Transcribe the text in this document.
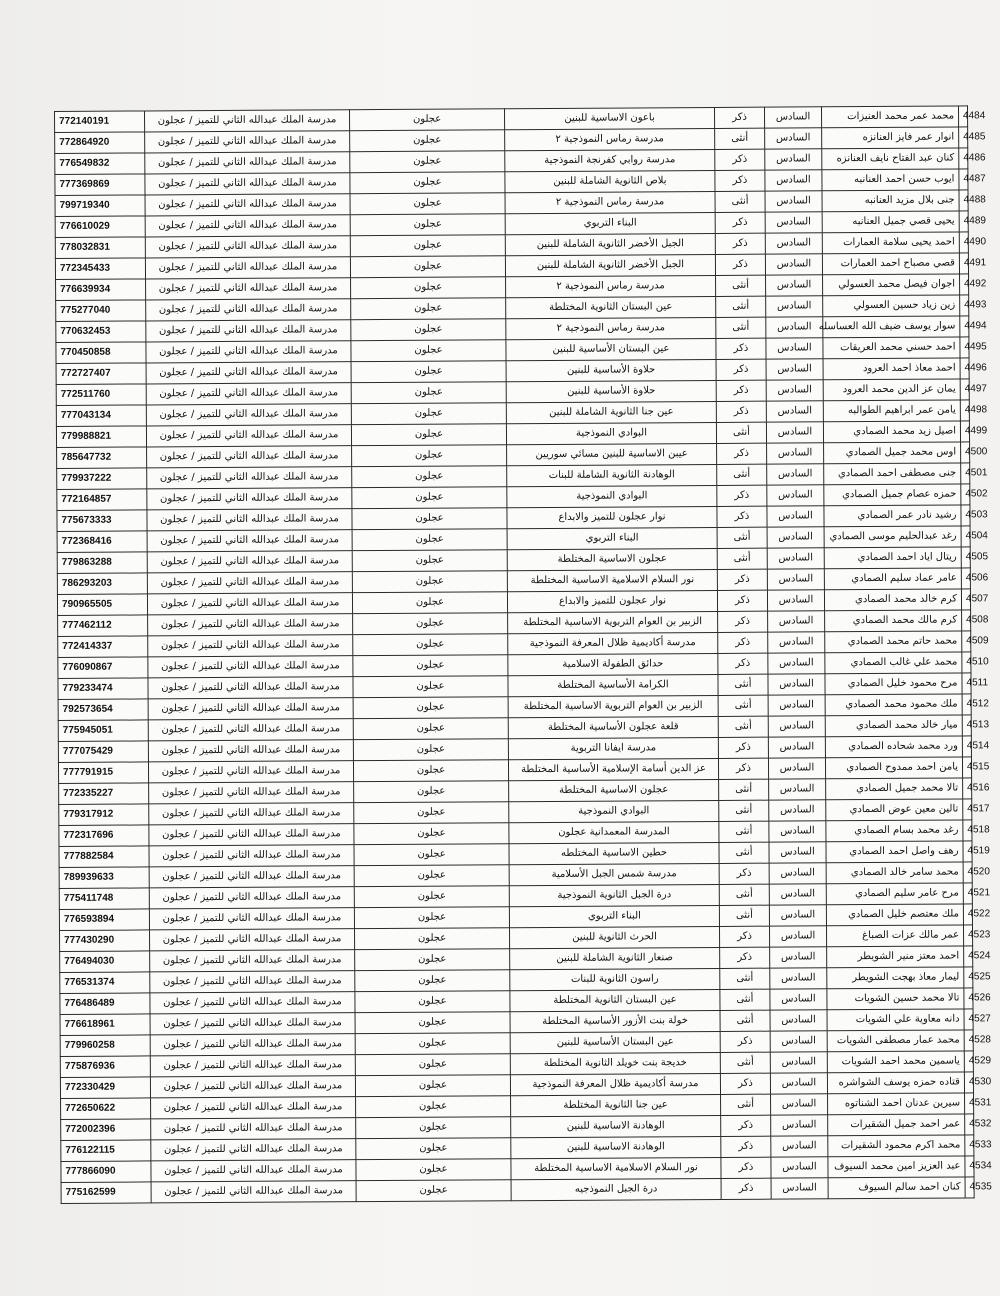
772140191	مدرسة الملك عبدالله الثاني للتميز / عجلون	عجلون	باعون الاساسية للبنين	ذكر	السادس	محمد عمر محمد العنيزات	4484
772864920	مدرسة الملك عبدالله الثاني للتميز / عجلون	عجلون	مدرسة رماس النموذجية ٢	أنثى	السادس	انوار عمر فايز العنانزه	4485
776549832	مدرسة الملك عبدالله الثاني للتميز / عجلون	عجلون	مدرسة روابي كفرنجة النموذجية	ذكر	السادس	كنان عبد الفتاح نايف العنانزه	4486
777369869	مدرسة الملك عبدالله الثاني للتميز / عجلون	عجلون	بلاص الثانوية الشاملة للبنين	ذكر	السادس	ايوب حسن احمد العنانبه	4487
799719340	مدرسة الملك عبدالله الثاني للتميز / عجلون	عجلون	مدرسة رماس النموذجية ٢	أنثى	السادس	جنى بلال مزيد العنانبه	4488
776610029	مدرسة الملك عبدالله الثاني للتميز / عجلون	عجلون	البناء التربوي	ذكر	السادس	يحيى قصي جميل العنانبه	4489
778032831	مدرسة الملك عبدالله الثاني للتميز / عجلون	عجلون	الجبل الأخضر الثانوية الشاملة للبنين	ذكر	السادس	احمد يحيى سلامة العمارات	4490
772345433	مدرسة الملك عبدالله الثاني للتميز / عجلون	عجلون	الجبل الأخضر الثانوية الشاملة للبنين	ذكر	السادس	قصي مصباح احمد العمارات	4491
776639934	مدرسة الملك عبدالله الثاني للتميز / عجلون	عجلون	مدرسة رماس النموذجية ٢	أنثى	السادس	اجوان فيصل محمد العسولي	4492
775277040	مدرسة الملك عبدالله الثاني للتميز / عجلون	عجلون	عين البستان الثانوية المختلطة	أنثى	السادس	زين زياد حسين العسولي	4493
770632453	مدرسة الملك عبدالله الثاني للتميز / عجلون	عجلون	مدرسة رماس النموذجية ٢	أنثى	السادس	سوار يوسف ضيف الله العساسله	4494
770450858	مدرسة الملك عبدالله الثاني للتميز / عجلون	عجلون	عين البستان الأساسية للبنين	ذكر	السادس	احمد حسني محمد العريقات	4495
772727407	مدرسة الملك عبدالله الثاني للتميز / عجلون	عجلون	حلاوة الأساسية للبنين	ذكر	السادس	احمد معاذ احمد العرود	4496
772511760	مدرسة الملك عبدالله الثاني للتميز / عجلون	عجلون	حلاوة الأساسية للبنين	ذكر	السادس	يمان عز الدين محمد العرود	4497
777043134	مدرسة الملك عبدالله الثاني للتميز / عجلون	عجلون	عين جنا الثانوية الشاملة للبنين	ذكر	السادس	يامن عمر ابراهيم الطوالبه	4498
779988821	مدرسة الملك عبدالله الثاني للتميز / عجلون	عجلون	البوادي النموذجية	أنثى	السادس	اصيل زيد محمد الصمادي	4499
785647732	مدرسة الملك عبدالله الثاني للتميز / عجلون	عجلون	عيبن الاساسية للبنين مسائي سوريين	ذكر	السادس	اوس محمد جميل الصمادي	4500
779937222	مدرسة الملك عبدالله الثاني للتميز / عجلون	عجلون	الوهادنة الثانوية الشاملة للبنات	أنثى	السادس	جنى مصطفى احمد الصمادي	4501
772164857	مدرسة الملك عبدالله الثاني للتميز / عجلون	عجلون	البوادي النموذجية	ذكر	السادس	حمزه عصام جميل الصمادي	4502
775673333	مدرسة الملك عبدالله الثاني للتميز / عجلون	عجلون	نوار عجلون للتميز والابداع	ذكر	السادس	رشيد نادر عمر الصمادي	4503
772368416	مدرسة الملك عبدالله الثاني للتميز / عجلون	عجلون	البناء التربوي	أنثى	السادس	رغد عبدالحليم موسى الصمادي	4504
779863288	مدرسة الملك عبدالله الثاني للتميز / عجلون	عجلون	عجلون الاساسية المختلطة	أنثى	السادس	ريتال اياد احمد الصمادي	4505
786293203	مدرسة الملك عبدالله الثاني للتميز / عجلون	عجلون	نور السلام الاسلامية الاساسية المختلطة	ذكر	السادس	عامر عماد سليم الصمادي	4506
790965505	مدرسة الملك عبدالله الثاني للتميز / عجلون	عجلون	نوار عجلون للتميز والابداع	ذكر	السادس	كرم خالد محمد الصمادي	4507
777462112	مدرسة الملك عبدالله الثاني للتميز / عجلون	عجلون	الزبير بن العوام التربوية الاساسية المختلطة	ذكر	السادس	كرم مالك محمد الصمادي	4508
772414337	مدرسة الملك عبدالله الثاني للتميز / عجلون	عجلون	مدرسة أكاديمية ظلال المعرفة النموذجية	ذكر	السادس	محمد حاتم محمد الصمادي	4509
776090867	مدرسة الملك عبدالله الثاني للتميز / عجلون	عجلون	حدائق الطفولة الاسلامية	ذكر	السادس	محمد علي غالب الصمادي	4510
779233474	مدرسة الملك عبدالله الثاني للتميز / عجلون	عجلون	الكرامة الأساسية المختلطة	أنثى	السادس	مرح محمود خليل الصمادي	4511
792573654	مدرسة الملك عبدالله الثاني للتميز / عجلون	عجلون	الزبير بن العوام التربوية الاساسية المختلطة	أنثى	السادس	ملك محمود محمد الصمادي	4512
775945051	مدرسة الملك عبدالله الثاني للتميز / عجلون	عجلون	قلعة عجلون الأساسية المختلطة	أنثى	السادس	ميار خالد محمد الصمادي	4513
777075429	مدرسة الملك عبدالله الثاني للتميز / عجلون	عجلون	مدرسة ايفانا التربوية	ذكر	السادس	ورد محمد شحاده الصمادي	4514
777791915	مدرسة الملك عبدالله الثاني للتميز / عجلون	عجلون	عز الدين أسامة الإسلامية الأساسية المختلطة	ذكر	السادس	يامن احمد ممدوح الصمادي	4515
772335227	مدرسة الملك عبدالله الثاني للتميز / عجلون	عجلون	عجلون الاساسية المختلطة	أنثى	السادس	تالا محمد جميل الصمادي	4516
779317912	مدرسة الملك عبدالله الثاني للتميز / عجلون	عجلون	البوادي النموذجية	أنثى	السادس	تالين معين عوض الصمادي	4517
772317696	مدرسة الملك عبدالله الثاني للتميز / عجلون	عجلون	المدرسة المعمدانية عجلون	أنثى	السادس	رغد محمد بسام الصمادي	4518
777882584	مدرسة الملك عبدالله الثاني للتميز / عجلون	عجلون	حطين الاساسية المختلطه	أنثى	السادس	رهف واصل احمد الصمادي	4519
789939633	مدرسة الملك عبدالله الثاني للتميز / عجلون	عجلون	مدرسة شمس الجبل الأسلامية	ذكر	السادس	محمد سامر خالد الصمادي	4520
775411748	مدرسة الملك عبدالله الثاني للتميز / عجلون	عجلون	درة الجبل الثانوية النموذجية	أنثى	السادس	مرح عامر سليم الصمادي	4521
776593894	مدرسة الملك عبدالله الثاني للتميز / عجلون	عجلون	البناء التربوي	أنثى	السادس	ملك معتصم خليل الصمادي	4522
777430290	مدرسة الملك عبدالله الثاني للتميز / عجلون	عجلون	الحرث الثانوية للبنين	ذكر	السادس	عمر مالك عزات الصباغ	4523
776494030	مدرسة الملك عبدالله الثاني للتميز / عجلون	عجلون	صنعار الثانوية الشاملة للبنين	ذكر	السادس	احمد معتز منير الشويطر	4524
776531374	مدرسة الملك عبدالله الثاني للتميز / عجلون	عجلون	راسون الثانوية للبنات	أنثى	السادس	ليمار معاذ بهجت الشويطر	4525
776486489	مدرسة الملك عبدالله الثاني للتميز / عجلون	عجلون	عين البستان الثانوية المختلطة	أنثى	السادس	تالا محمد حسين الشويات	4526
776618961	مدرسة الملك عبدالله الثاني للتميز / عجلون	عجلون	خولة بنت الأزور الأساسية المختلطة	أنثى	السادس	دانه معاوية علي الشويات	4527
779960258	مدرسة الملك عبدالله الثاني للتميز / عجلون	عجلون	عين البستان الأساسية للبنين	ذكر	السادس	محمد عمار مصطفى الشويات	4528
775876936	مدرسة الملك عبدالله الثاني للتميز / عجلون	عجلون	خديجة بنت خويلد الثانوية المختلطة	أنثى	السادس	ياسمين محمد احمد الشويات	4529
772330429	مدرسة الملك عبدالله الثاني للتميز / عجلون	عجلون	مدرسة أكاديمية ظلال المعرفة النموذجية	ذكر	السادس	قتاده حمزه يوسف الشواشره	4530
772650622	مدرسة الملك عبدالله الثاني للتميز / عجلون	عجلون	عين جنا الثانوية المختلطة	أنثى	السادس	سيرين عدنان احمد الشناتوه	4531
772002396	مدرسة الملك عبدالله الثاني للتميز / عجلون	عجلون	الوهادنة الاساسية للبنين	ذكر	السادس	عمر احمد جميل الشقيرات	4532
776122115	مدرسة الملك عبدالله الثاني للتميز / عجلون	عجلون	الوهادنة الاساسية للبنين	ذكر	السادس	محمد اكرم محمود الشقيرات	4533
777866090	مدرسة الملك عبدالله الثاني للتميز / عجلون	عجلون	نور السلام الاسلامية الاساسية المختلطة	ذكر	السادس	عبد العزيز امين محمد السيوف	4534
775162599	مدرسة الملك عبدالله الثاني للتميز / عجلون	عجلون	درة الجبل النموذجيه	ذكر	السادس	كنان احمد سالم السيوف	4535
